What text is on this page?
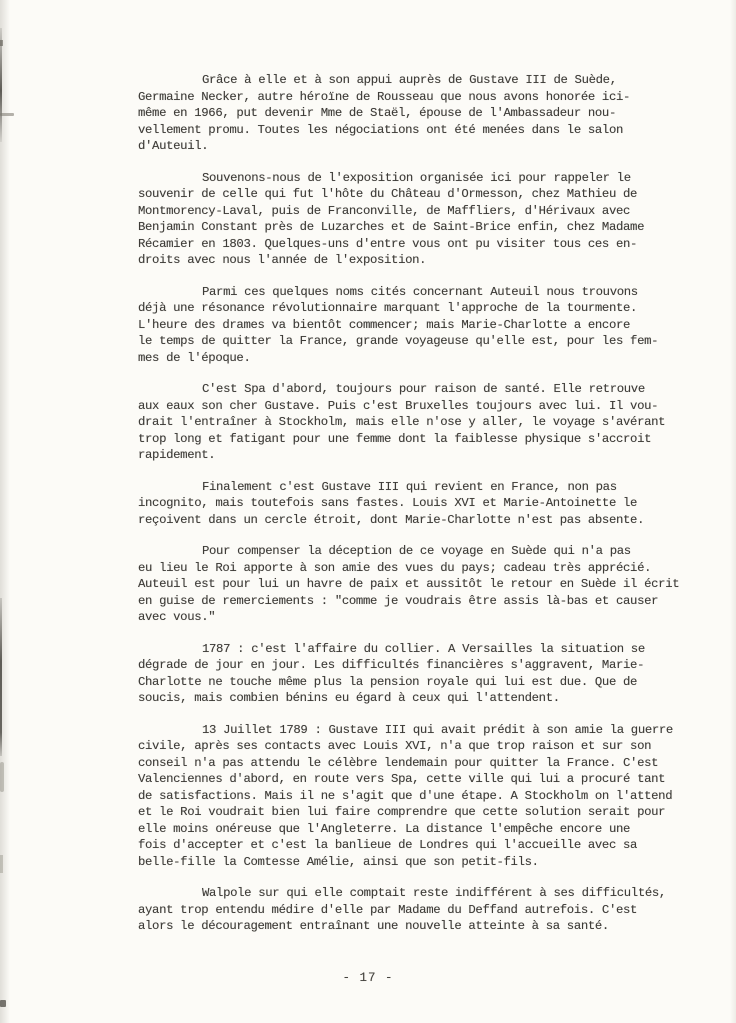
Grâce à elle et à son appui auprès de Gustave III de Suède,
Germaine Necker, autre héroïne de Rousseau que nous avons honorée ici-
même en 1966, put devenir Mme de Staël, épouse de l'Ambassadeur nou-
vellement promu. Toutes les négociations ont été menées dans le salon
d'Auteuil.
Souvenons-nous de l'exposition organisée ici pour rappeler le
souvenir de celle qui fut l'hôte du Château d'Ormesson, chez Mathieu de
Montmorency-Laval, puis de Franconville, de Maffliers, d'Hérivaux avec
Benjamin Constant près de Luzarches et de Saint-Brice enfin, chez Madame
Récamier en 1803. Quelques-uns d'entre vous ont pu visiter tous ces en-
droits avec nous l'année de l'exposition.
Parmi ces quelques noms cités concernant Auteuil nous trouvons
déjà une résonance révolutionnaire marquant l'approche de la tourmente.
L'heure des drames va bientôt commencer; mais Marie-Charlotte a encore
le temps de quitter la France, grande voyageuse qu'elle est, pour les fem-
mes de l'époque.
C'est Spa d'abord, toujours pour raison de santé. Elle retrouve
aux eaux son cher Gustave. Puis c'est Bruxelles toujours avec lui. Il vou-
drait l'entraîner à Stockholm, mais elle n'ose y aller, le voyage s'avérant
trop long et fatigant pour une femme dont la faiblesse physique s'accroit
rapidement.
Finalement c'est Gustave III qui revient en France, non pas
incognito, mais toutefois sans fastes. Louis XVI et Marie-Antoinette le
reçoivent dans un cercle étroit, dont Marie-Charlotte n'est pas absente.
Pour compenser la déception de ce voyage en Suède qui n'a pas
eu lieu le Roi apporte à son amie des vues du pays; cadeau très apprécié.
Auteuil est pour lui un havre de paix et aussitôt le retour en Suède il écrit
en guise de remerciements : "comme je voudrais être assis là-bas et causer
avec vous."
1787 : c'est l'affaire du collier. A Versailles la situation se
dégrade de jour en jour. Les difficultés financières s'aggravent, Marie-
Charlotte ne touche même plus la pension royale qui lui est due. Que de
soucis, mais combien bénins eu égard à ceux qui l'attendent.
13 Juillet 1789 : Gustave III qui avait prédit à son amie la guerre
civile, après ses contacts avec Louis XVI, n'a que trop raison et sur son
conseil n'a pas attendu le célèbre lendemain pour quitter la France. C'est
Valenciennes d'abord, en route vers Spa, cette ville qui lui a procuré tant
de satisfactions. Mais il ne s'agit que d'une étape. A Stockholm on l'attend
et le Roi voudrait bien lui faire comprendre que cette solution serait pour
elle moins onéreuse que l'Angleterre. La distance l'empêche encore une
fois d'accepter et c'est la banlieue de Londres qui l'accueille avec sa
belle-fille la Comtesse Amélie, ainsi que son petit-fils.
Walpole sur qui elle comptait reste indifférent à ses difficultés,
ayant trop entendu médire d'elle par Madame du Deffand autrefois. C'est
alors le découragement entraînant une nouvelle atteinte à sa santé.
- 17 -
